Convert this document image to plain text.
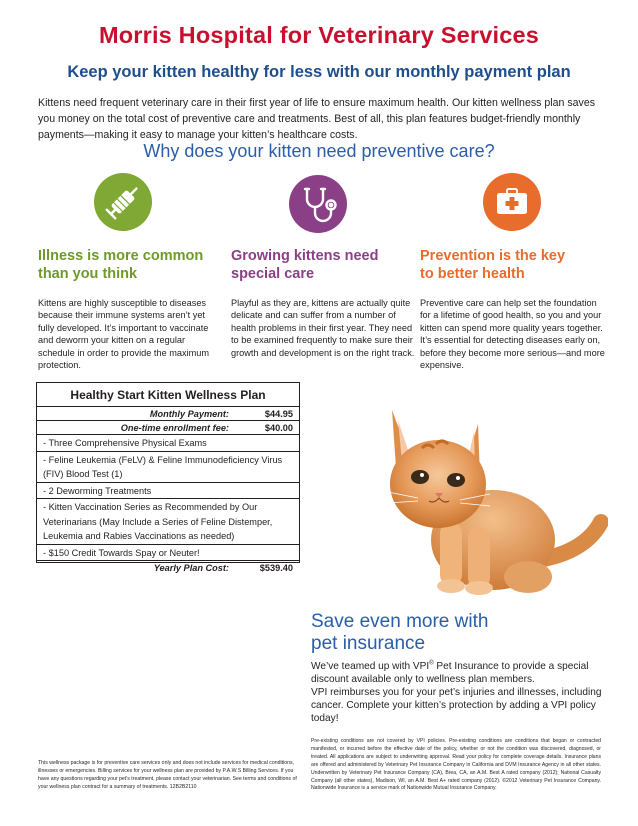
Morris Hospital for Veterinary Services
Keep your kitten healthy for less with our monthly payment plan
Kittens need frequent veterinary care in their first year of life to ensure maximum health. Our kitten wellness plan saves you money on the total cost of preventive care and treatments. Best of all, this plan features budget-friendly monthly payments—making it easy to manage your kitten’s healthcare costs.
Why does your kitten need preventive care?
Illness is more common
than you think

Kittens are highly susceptible to diseases because their immune systems aren’t yet fully developed. It’s important to vaccinate and deworm your kitten on a regular schedule in order to provide the maximum protection.

Growing kittens need
special care

Playful as they are, kittens are actually quite delicate and can suffer from a number of health problems in their first year. They need to be examined frequently to make sure their growth and development is on the right track.

Prevention is the key
to better health

Preventive care can help set the foundation for a lifetime of good health, so you and your kitten can spend more quality years together. It’s essential for detecting diseases early on, before they become more serious—and more expensive.

Healthy Start Kitten Wellness Plan
Monthly Payment:	$44.95
One-time enrollment fee:	$40.00
- Three Comprehensive Physical Exams
- Feline Leukemia (FeLV) & Feline Immunodeficiency Virus (FIV) Blood Test (1)
- 2 Deworming Treatments
- Kitten Vaccination Series as Recommended by Our Veterinarians (May Include a Series of Feline Distemper, Leukemia and Rabies Vaccinations as needed)
- $150 Credit Towards Spay or Neuter!
Yearly Plan Cost:	$539.40
Save even more with
pet insurance
We’ve teamed up with VPI® Pet Insurance to provide a special discount available only to wellness plan members.
VPI reimburses you for your pet’s injuries and illnesses, including cancer. Complete your kitten’s protection by adding a VPI policy today!
This wellness package is for preventive care services only and does not include services for medical conditions, illnesses or emergencies. Billing services for your wellness plan are provided by P.A.W.S Billing Services. If you have any questions regarding your pet's treatment, please contact your veterinarian. See terms and conditions of your wellness plan contract for a summary of treatments. 12B2B2110
Pre-existing conditions are not covered by VPI policies. Pre-existing conditions are conditions that began or contracted manifested, or incurred before the effective date of the policy, whether or not the condition was discovered, diagnosed, or treated. All applications are subject to underwriting approval. Read your policy for complete coverage details. Insurance plans are offered and administered by Veterinary Pet Insurance Company in California and DVM Insurance Agency in all other states. Underwritten by Veterinary Pet Insurance Company (CA), Brea, CA, an A.M. Best A rated company (2012); National Casualty Company (all other states), Madison, WI, an A.M. Best A+ rated company (2012). ©2012 Veterinary Pet Insurance Company. Nationwide Insurance is a service mark of Nationwide Mutual Insurance Company.
